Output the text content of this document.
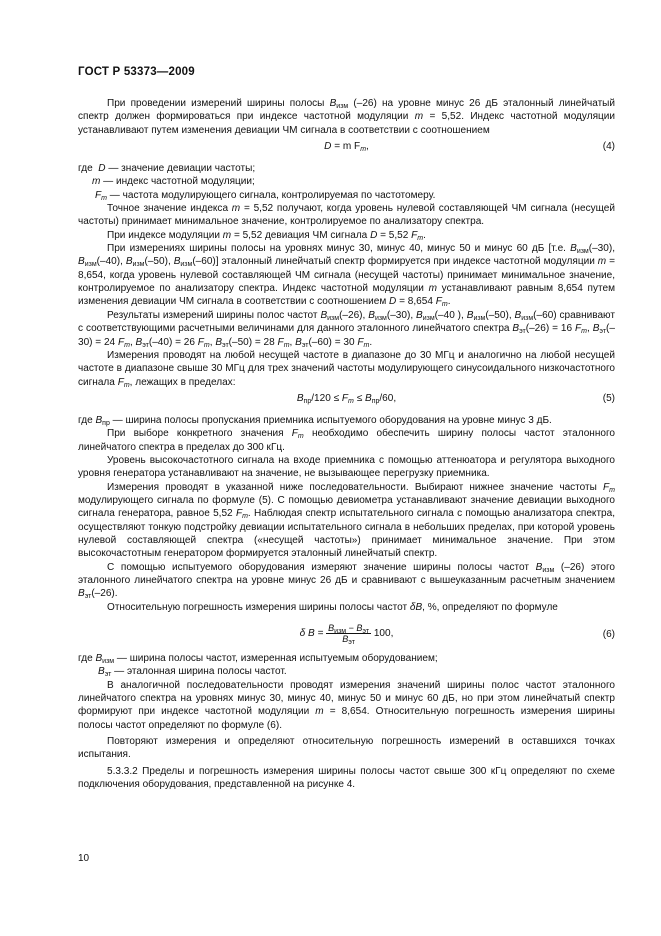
ГОСТ Р 53373—2009

При проведении измерений ширины полосы $B_{изм}$ (–26) на уровне минус 26 дБ эталонный линейчатый спектр должен формироваться при индексе частотной модуляции m = 5,52. Индекс частотной модуляции устанавливают путем изменения девиации ЧМ сигнала в соответствии с соотношением

D = m $F_m$,	(4)

где D — значение девиации частоты;

m — индекс частотной модуляции;

$F_m$ — частота модулирующего сигнала, контролируемая по частотомеру.

Точное значение индекса m = 5,52 получают, когда уровень нулевой составляющей ЧМ сигнала (несущей частоты) принимает минимальное значение, контролируемое по анализатору спектра.

При индексе модуляции m = 5,52 девиация ЧМ сигнала D = 5,52 $F_m$.

При измерениях ширины полосы на уровнях минус 30, минус 40, минус 50 и минус 60 дБ [т.е. $B_{изм}(-30)$, $B_{изм}(-40)$, $B_{изм}(-50)$, $B_{изм}(-60)$] эталонный линейчатый спектр формируется при индексе частотной модуляции m = 8,654, когда уровень нулевой составляющей ЧМ сигнала (несущей частоты) принимает минимальное значение, контролируемое по анализатору спектра. Индекс частотной модуляции m устанавливают равным 8,654 путем изменения девиации ЧМ сигнала в соответствии с соотношением D = 8,654 $F_m$.

Результаты измерений ширины полос частот $B_{изм}(-26)$, $B_{изм}(-30)$, $B_{изм}(-40$ ), $B_{изм}(-50)$, $B_{изм}(-60)$ сравнивают с соответствующими расчетными величинами для данного эталонного линейчатого спектра $B_{эт}(-26) = 16$ $F_m$, $B_{эт}(-30) = 24$ $F_m$, $B_{эт}(-40) = 26$ $F_m$, $B_{эт}(-50) = 28$ $F_m$, $B_{эт}(-60) = 30$ $F_m$.

Измерения проводят на любой несущей частоте в диапазоне до 30 МГц и аналогично на любой несущей частоте в диапазоне свыше 30 МГц для трех значений частоты модулирующего синусоидального низкочастотного сигнала $F_m$, лежащих в пределах:

$B_{пр}/120 \le F_m \le B_{пр}/60$,	(5)

где $B_{пр}$ — ширина полосы пропускания приемника испытуемого оборудования на уровне минус 3 дБ.

При выборе конкретного значения $F_m$ необходимо обеспечить ширину полосы частот эталонного линейчатого спектра в пределах до 300 кГц.

Уровень высокочастотного сигнала на входе приемника с помощью аттенюатора и регулятора выходного уровня генератора устанавливают на значение, не вызывающее перегрузку приемника.

Измерения проводят в указанной ниже последовательности. Выбирают нижнее значение частоты $F_m$ модулирующего сигнала по формуле (5). С помощью девиометра устанавливают значение девиации выходного сигнала генератора, равное 5,52 $F_m$. Наблюдая спектр испытательного сигнала с помощью анализатора спектра, осуществляют тонкую подстройку девиации испытательного сигнала в небольших пределах, при которой уровень нулевой составляющей спектра («несущей частоты») принимает минимальное значение. При этом высокочастотным генератором формируется эталонный линейчатый спектр.

С помощью испытуемого оборудования измеряют значение ширины полосы частот $B_{изм}$ (–26) этого эталонного линейчатого спектра на уровне минус 26 дБ и сравнивают с вышеуказанным расчетным значением $B_{эт}(-26)$.

Относительную погрешность измерения ширины полосы частот δB, %, определяют по формуле

δ $B = \frac{B_{изм} - B_{эт}}{B_{эт}} 100$,	(6)

где $B_{изм}$ — ширина полосы частот, измеренная испытуемым оборудованием;

$B_{эт}$ — эталонная ширина полосы частот.

В аналогичной последовательности проводят измерения значений ширины полос частот эталонного линейчатого спектра на уровнях минус 30, минус 40, минус 50 и минус 60 дБ, но при этом линейчатый спектр формируют при индексе частотной модуляции m = 8,654. Относительную погрешность измерения ширины полосы частот определяют по формуле (6).

Повторяют измерения и определяют относительную погрешность измерений в оставшихся точках испытания.

5.3.3.2 Пределы и погрешность измерения ширины полосы частот свыше 300 кГц определяют по схеме подключения оборудования, представленной на рисунке 4.

10
